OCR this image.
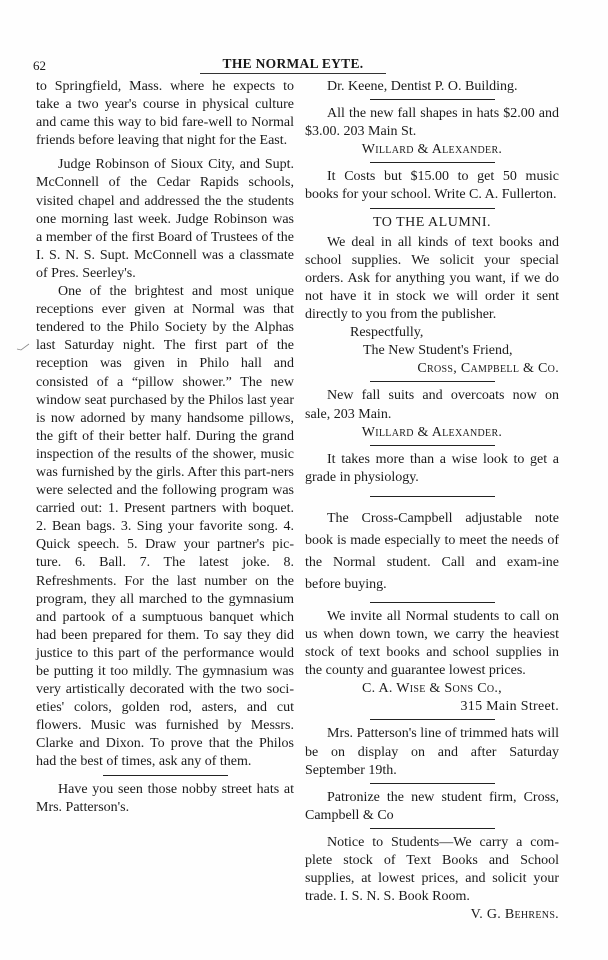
62	THE NORMAL EYTE.

to Springfield, Mass. where he expects to take a two year's course in physical culture and came this way to bid fare-well to Normal friends before leaving that night for the East.

Judge Robinson of Sioux City, and Supt. McConnell of the Cedar Rapids schools, visited chapel and addressed the the students one morning last week. Judge Robinson was a member of the first Board of Trustees of the I. S. N. S. Supt. McConnell was a classmate of Pres. Seerley's.

One of the brightest and most unique receptions ever given at Normal was that tendered to the Philo Society by the Alphas last Saturday night. The first part of the reception was given in Philo hall and consisted of a “pillow shower.” The new window seat purchased by the Philos last year is now adorned by many handsome pillows, the gift of their better half. During the grand inspection of the results of the shower, music was furnished by the girls. After this part-ners were selected and the following program was carried out: 1. Present partners with boquet. 2. Bean bags. 3. Sing your favorite song. 4. Quick speech. 5. Draw your partner's pic-ture. 6. Ball. 7. The latest joke. 8. Refreshments. For the last number on the program, they all marched to the gymnasium and partook of a sumptuous banquet which had been prepared for them. To say they did justice to this part of the performance would be putting it too mildly. The gymnasium was very artistically decorated with the two soci-eties' colors, golden rod, asters, and cut flowers. Music was furnished by Messrs. Clarke and Dixon. To prove that the Philos had the best of times, ask any of them.

Have you seen those nobby street hats at Mrs. Patterson's.

Dr. Keene, Dentist P. O. Building.

All the new fall shapes in hats $2.00 and $3.00. 203 Main St.

Willard & Alexander.

It Costs but $15.00 to get 50 music books for your school. Write C. A. Fullerton.

TO THE ALUMNI.

We deal in all kinds of text books and school supplies. We solicit your special orders. Ask for anything you want, if we do not have it in stock we will order it sent directly to you from the publisher.

Respectfully,
The New Student's Friend,
Cross, Campbell & Co.

New fall suits and overcoats now on sale, 203 Main.

Willard & Alexander.

It takes more than a wise look to get a grade in physiology.

The Cross-Campbell adjustable note book is made especially to meet the needs of the Normal student. Call and exam-ine before buying.

We invite all Normal students to call on us when down town, we carry the heaviest stock of text books and school supplies in the county and guarantee lowest prices.

C. A. Wise & Sons Co.,
315 Main Street.

Mrs. Patterson's line of trimmed hats will be on display on and after Saturday September 19th.

Patronize the new student firm, Cross, Campbell & Co

Notice to Students—We carry a com-plete stock of Text Books and School supplies, at lowest prices, and solicit your trade. I. S. N. S. Book Room.

V. G. Behrens.
